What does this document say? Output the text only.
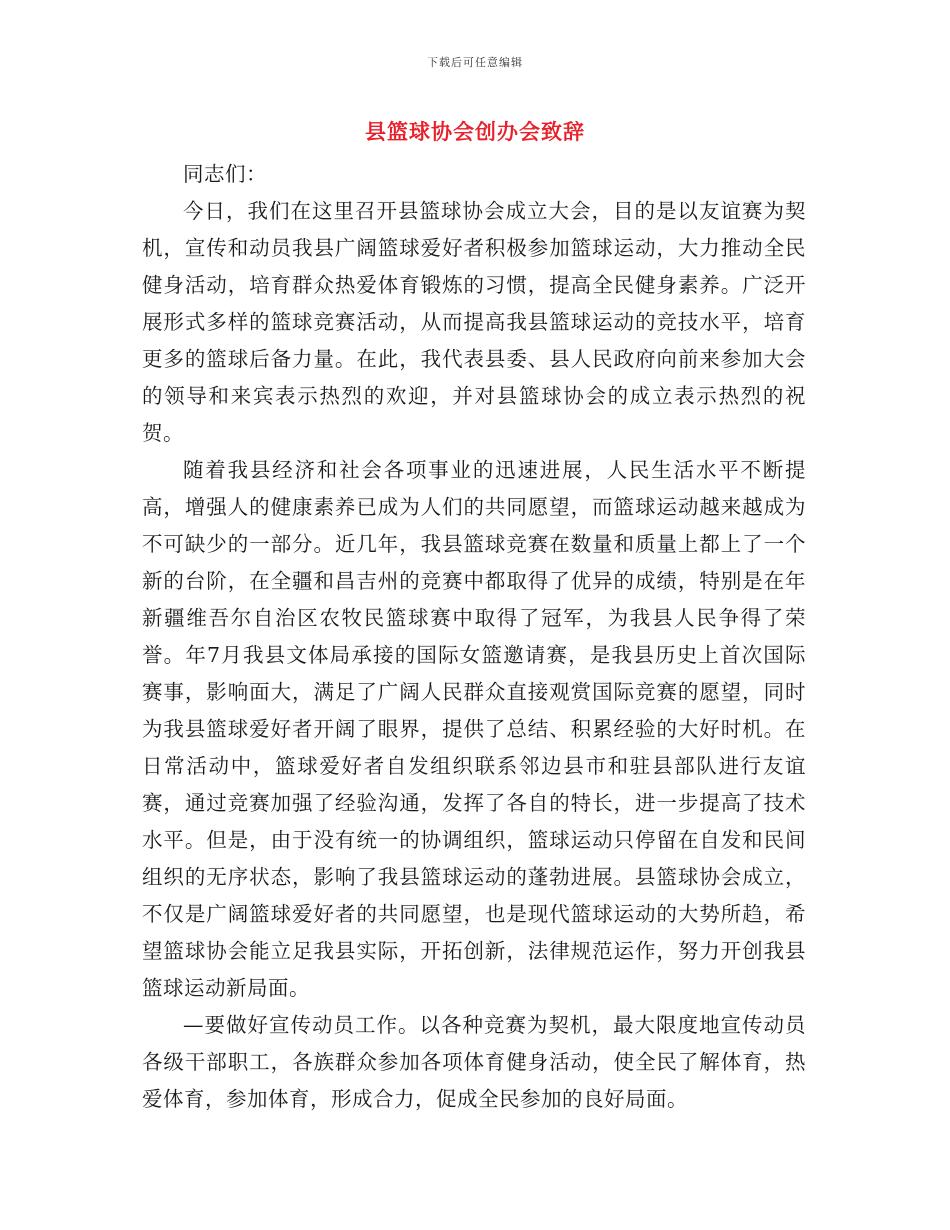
下载后可任意编辑
县篮球协会创办会致辞

同志们：

今日，我们在这里召开县篮球协会成立大会，目的是以友谊赛为契机，宣传和动员我县广阔篮球爱好者积极参加篮球运动，大力推动全民健身活动，培育群众热爱体育锻炼的习惯，提高全民健身素养。广泛开展形式多样的篮球竞赛活动，从而提高我县篮球运动的竞技水平，培育更多的篮球后备力量。在此，我代表县委、县人民政府向前来参加大会的领导和来宾表示热烈的欢迎，并对县篮球协会的成立表示热烈的祝贺。

随着我县经济和社会各项事业的迅速进展，人民生活水平不断提高，增强人的健康素养已成为人们的共同愿望，而篮球运动越来越成为不可缺少的一部分。近几年，我县篮球竞赛在数量和质量上都上了一个新的台阶，在全疆和昌吉州的竞赛中都取得了优异的成绩，特别是在年新疆维吾尔自治区农牧民篮球赛中取得了冠军，为我县人民争得了荣誉。年7月我县文体局承接的国际女篮邀请赛，是我县历史上首次国际赛事，影响面大，满足了广阔人民群众直接观赏国际竞赛的愿望，同时为我县篮球爱好者开阔了眼界，提供了总结、积累经验的大好时机。在日常活动中，篮球爱好者自发组织联系邻边县市和驻县部队进行友谊赛，通过竞赛加强了经验沟通，发挥了各自的特长，进一步提高了技术水平。但是，由于没有统一的协调组织，篮球运动只停留在自发和民间组织的无序状态，影响了我县篮球运动的蓬勃进展。县篮球协会成立，不仅是广阔篮球爱好者的共同愿望，也是现代篮球运动的大势所趋，希望篮球协会能立足我县实际，开拓创新，法律规范运作，努力开创我县篮球运动新局面。

—要做好宣传动员工作。以各种竞赛为契机，最大限度地宣传动员各级干部职工，各族群众参加各项体育健身活动，使全民了解体育，热爱体育，参加体育，形成合力，促成全民参加的良好局面。
